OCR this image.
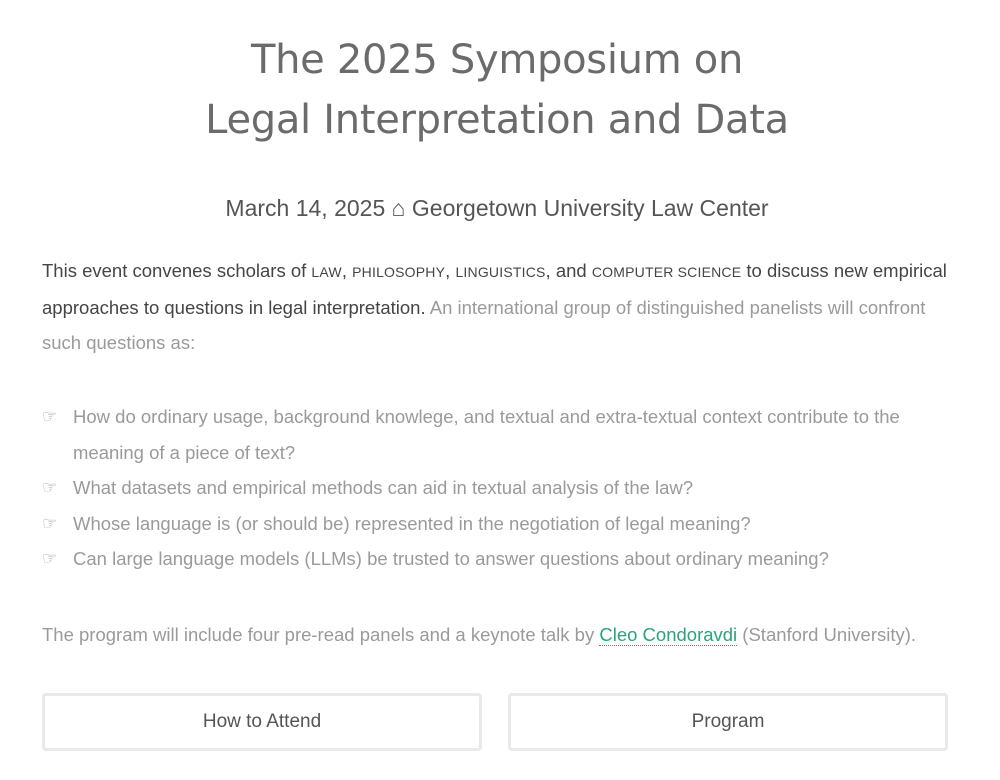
The 2025 Symposium on
Legal Interpretation and Data
March 14, 2025 ⌂ Georgetown University Law Center

This event convenes scholars of LAW, PHILOSOPHY, LINGUISTICS, and COMPUTER SCIENCE to discuss new empirical approaches to questions in legal interpretation. An international group of distinguished panelists will confront such questions as:

☞ How do ordinary usage, background knowlege, and textual and extra-textual context contribute to the meaning of a piece of text?
☞ What datasets and empirical methods can aid in textual analysis of the law?
☞ Whose language is (or should be) represented in the negotiation of legal meaning?
☞ Can large language models (LLMs) be trusted to answer questions about ordinary meaning?

The program will include four pre-read panels and a keynote talk by Cleo Condoravdi (Stanford University).

How to Attend	Program
